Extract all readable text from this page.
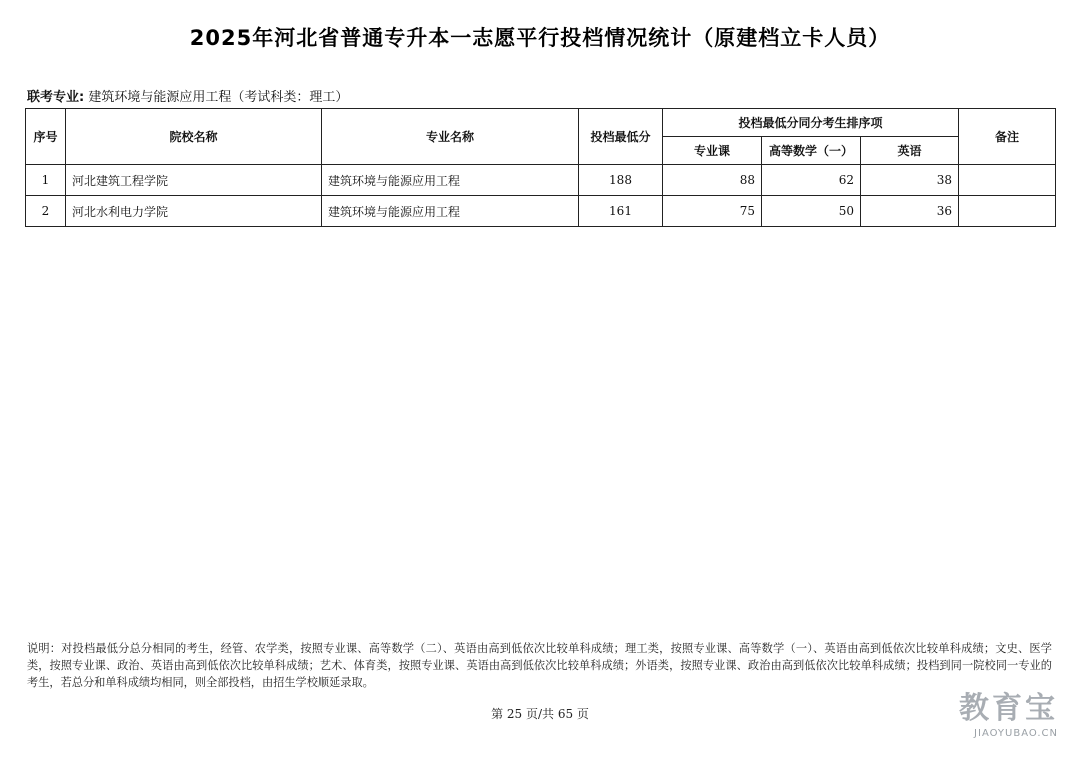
2025年河北省普通专升本一志愿平行投档情况统计（原建档立卡人员）
联考专业: 建筑环境与能源应用工程（考试科类：理工）
序号	院校名称	专业名称	投档最低分	投档最低分同分考生排序项			备注
				专业课	高等数学（一）	英语	
1	河北建筑工程学院	建筑环境与能源应用工程	188	88	62	38	
2	河北水利电力学院	建筑环境与能源应用工程	161	75	50	36	
说明：对投档最低分总分相同的考生，经管、农学类，按照专业课、高等数学（二）、英语由高到低依次比较单科成绩；理工类，按照专业课、高等数学（一）、英语由高到低依次比较单科成绩；文史、医学类，按照专业课、政治、英语由高到低依次比较单科成绩；艺术、体育类，按照专业课、英语由高到低依次比较单科成绩；外语类，按照专业课、政治由高到低依次比较单科成绩；投档到同一院校同一专业的考生，若总分和单科成绩均相同，则全部投档，由招生学校顺延录取。
第 25 页/共 65 页	教育宝
JIAOYUBAO.CN
